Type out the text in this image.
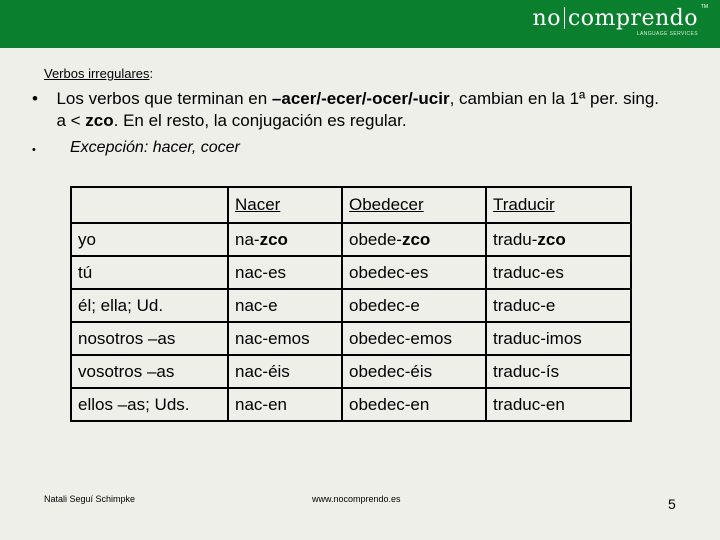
TM
no comprendo
LANGUAGE SERVICES
Verbos irregulares:
•	Los verbos que terminan en –acer/-ecer/-ocer/-ucir, cambian en la 1ª per. sing. a < zco. En el resto, la conjugación es regular.
•	Excepción: hacer, cocer
	Nacer	Obedecer	Traducir
yo	na-zco	obede-zco	tradu-zco
tú	nac-es	obedec-es	traduc-es
él; ella; Ud.	nac-e	obedec-e	traduc-e
nosotros –as	nac-emos	obedec-emos	traduc-imos
vosotros –as	nac-éis	obedec-éis	traduc-ís
ellos –as; Uds.	nac-en	obedec-en	traduc-en
Natali Seguí Schimpke	www.nocomprendo.es	5
